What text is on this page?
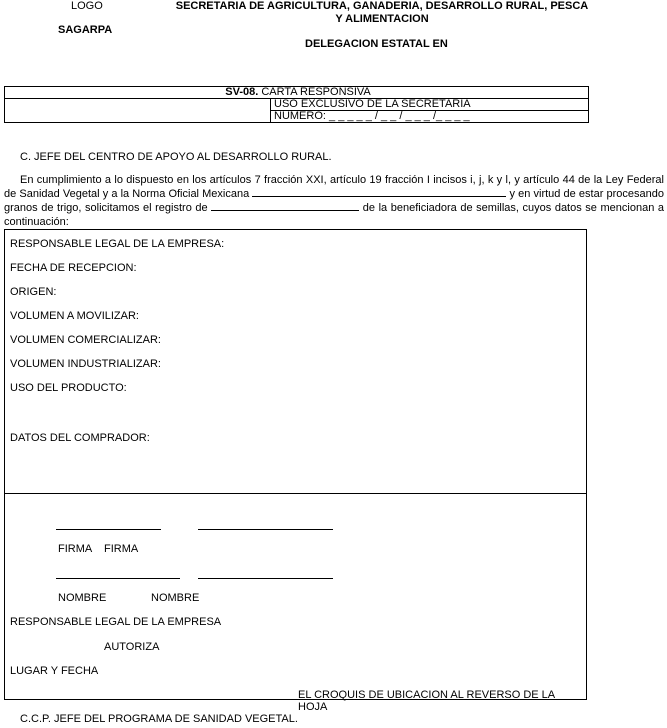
LOGO	SECRETARIA DE AGRICULTURA, GANADERIA, DESARROLLO RURAL, PESCA
Y ALIMENTACION
SAGARPA
DELEGACION ESTATAL EN
SV-08. CARTA RESPONSIVA	
	USO EXCLUSIVO DE LA SECRETARIA
	NUMERO: _ _ _ _ _ / _ _ / _ _ _ /_ _ _ _
C. JEFE DEL CENTRO DE APOYO AL DESARROLLO RURAL.
En cumplimiento a lo dispuesto en los artículos 7 fracción XXI, artículo 19 fracción I incisos i, j, k y l, y artículo 44 de la Ley Federal de Sanidad Vegetal y a la Norma Oficial Mexicana	y en virtud de estar procesando granos de trigo, solicitamos el registro de	de la beneficiadora de semillas, cuyos datos se mencionan a continuación:
RESPONSABLE LEGAL DE LA EMPRESA:
FECHA DE RECEPCION:
ORIGEN:
VOLUMEN A MOVILIZAR:
VOLUMEN COMERCIALIZAR:
VOLUMEN INDUSTRIALIZAR:
USO DEL PRODUCTO:
DATOS DEL COMPRADOR:
FIRMA FIRMA
NOMBRE	NOMBRE
RESPONSABLE LEGAL DE LA EMPRESA
AUTORIZA
LUGAR Y FECHA
EL CROQUIS DE UBICACION AL REVERSO DE LA HOJA
C.C.P. JEFE DEL PROGRAMA DE SANIDAD VEGETAL.
